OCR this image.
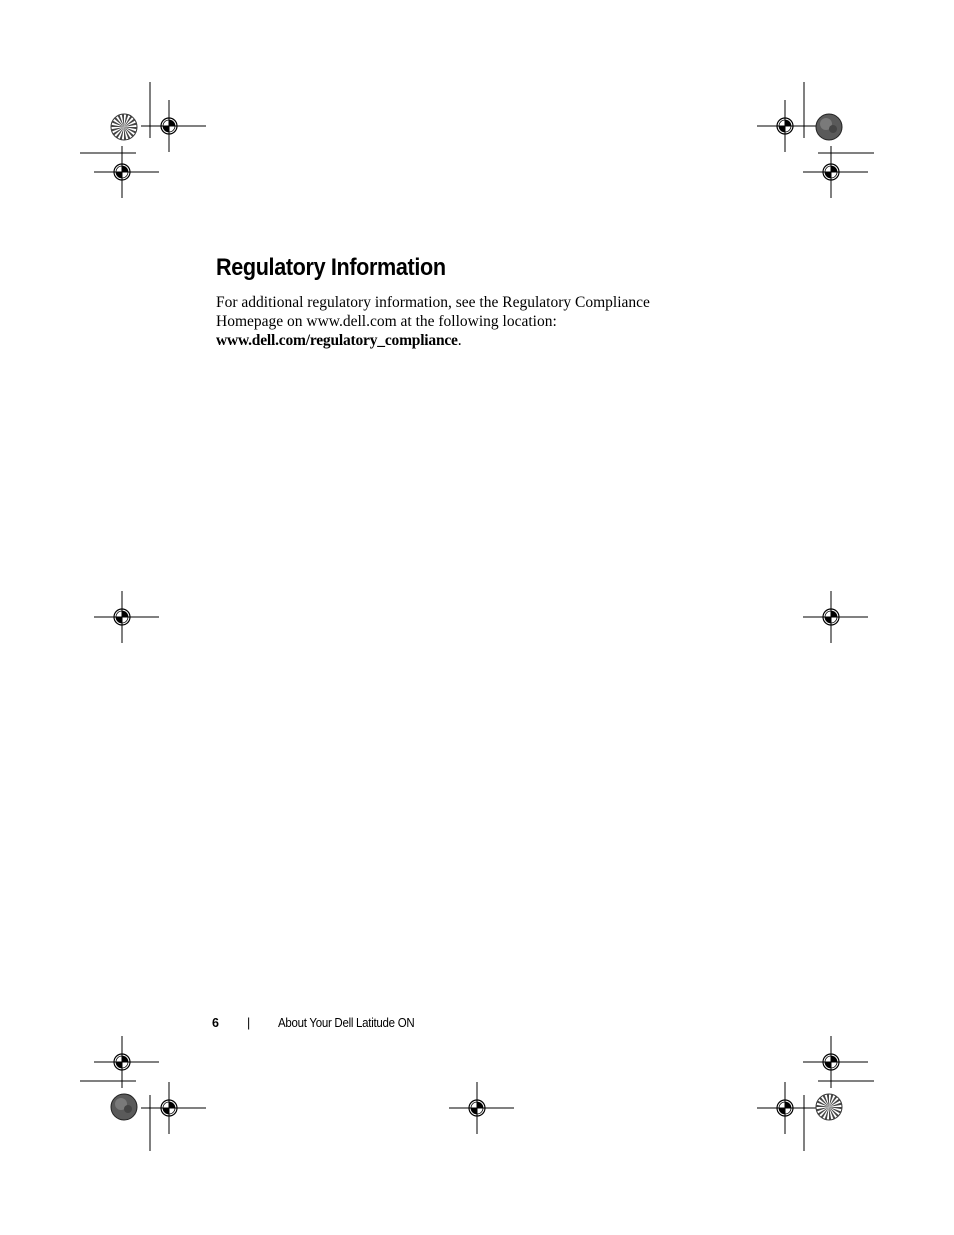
Regulatory Information

For additional regulatory information, see the Regulatory Compliance
Homepage on www.dell.com at the following location:
www.dell.com/regulatory_compliance.

6 | About Your Dell Latitude ON
